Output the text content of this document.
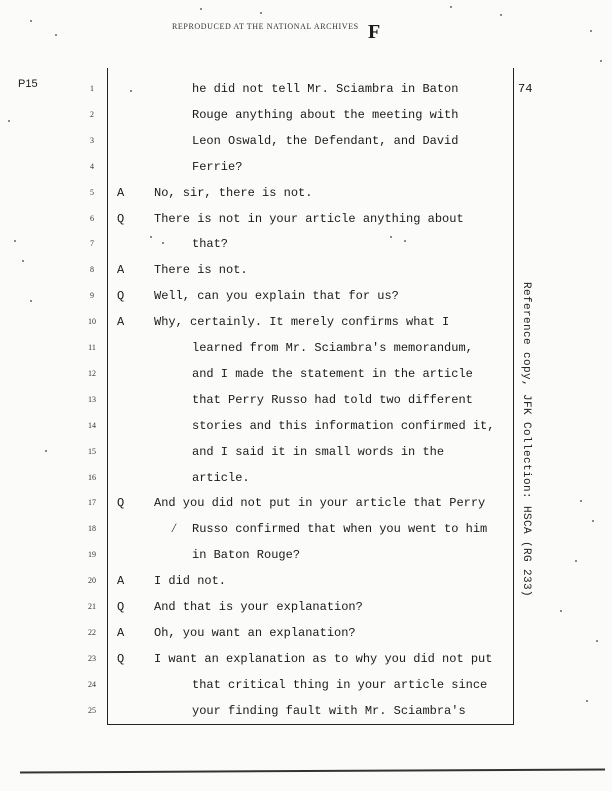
REPRODUCED AT THE NATIONAL ARCHIVES F
P15	74
1
2
3
4
5
6
7
8
9
10
11
12
13
14
15
16
17
18
19
20
21
22
23
24
25
he did not tell Mr. Sciambra in Baton
Rouge anything about the meeting with
Leon Oswald, the Defendant, and David
Ferrie?
A No, sir, there is not.
Q There is not in your article anything about
that?
A There is not.
Q Well, can you explain that for us?
A Why, certainly. It merely confirms what I
learned from Mr. Sciambra's memorandum,
and I made the statement in the article
that Perry Russo had told two different
stories and this information confirmed it,
and I said it in small words in the
article.
Q And you did not put in your article that Perry
Russo confirmed that when you went to him
in Baton Rouge?
A I did not.
Q And that is your explanation?
A Oh, you want an explanation?
Q I want an explanation as to why you did not put
that critical thing in your article since
your finding fault with Mr. Sciambra's
/	Reference copy, JFK Collection: HSCA (RG 233)
